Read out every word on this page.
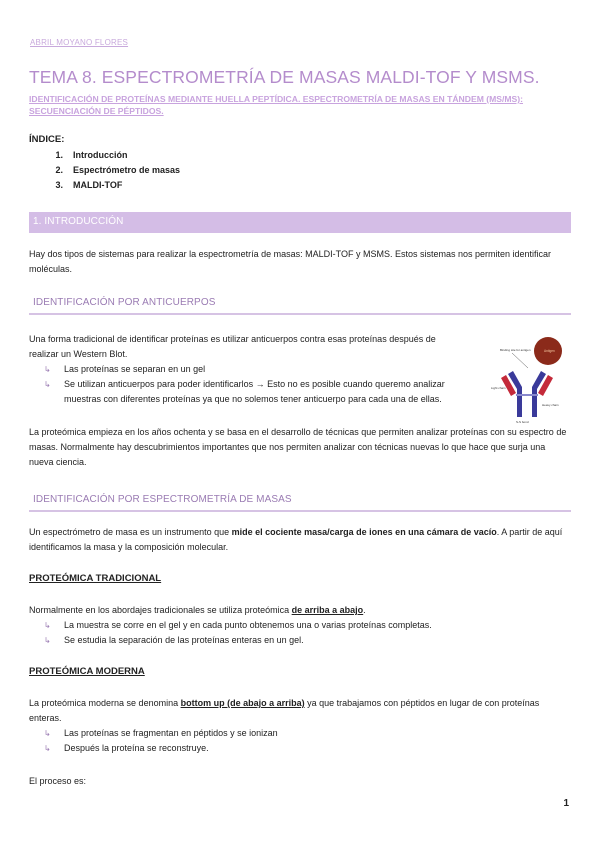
ABRIL MOYANO FLORES
TEMA 8. ESPECTROMETRÍA DE MASAS MALDI-TOF Y MSMS.
IDENTIFICACIÓN DE PROTEÍNAS MEDIANTE HUELLA PEPTÍDICA. ESPECTROMETRÍA DE MASAS EN TÁNDEM (MS/MS): SECUENCIACIÓN DE PÉPTIDOS.
ÍNDICE:
1.	Introducción
2.	Espectrómetro de masas
3.	MALDI-TOF
1. INTRODUCCIÓN
Hay dos tipos de sistemas para realizar la espectrometría de masas: MALDI-TOF y MSMS. Estos sistemas nos permiten identificar moléculas.
IDENTIFICACIÓN POR ANTICUERPOS
Una forma tradicional de identificar proteínas es utilizar anticuerpos contra esas proteínas después de realizar un Western Blot.
↳ Las proteínas se separan en un gel
↳ Se utilizan anticuerpos para poder identificarlos → Esto no es posible cuando queremo analizar muestras con diferentes proteínas ya que no solemos tener anticuerpo para cada una de ellas.
Antigen
Binding site for antigen
Light chain
Heavy chain
S-S bond
La proteómica empieza en los años ochenta y se basa en el desarrollo de técnicas que permiten analizar proteínas con su espectro de masas. Normalmente hay descubrimientos importantes que nos permiten analizar con técnicas nuevas lo que hace que surja una nueva ciencia.
IDENTIFICACIÓN POR ESPECTROMETRÍA DE MASAS
Un espectrómetro de masa es un instrumento que mide el cociente masa/carga de iones en una cámara de vacío. A partir de aquí identificamos la masa y la composición molecular.
PROTEÓMICA TRADICIONAL
Normalmente en los abordajes tradicionales se utiliza proteómica de arriba a abajo.
↳ La muestra se corre en el gel y en cada punto obtenemos una o varias proteínas completas.
↳ Se estudia la separación de las proteínas enteras en un gel.
PROTEÓMICA MODERNA
La proteómica moderna se denomina bottom up (de abajo a arriba) ya que trabajamos con péptidos en lugar de con proteínas enteras.
↳ Las proteínas se fragmentan en péptidos y se ionizan
↳ Después la proteína se reconstruye.
El proceso es:
1
